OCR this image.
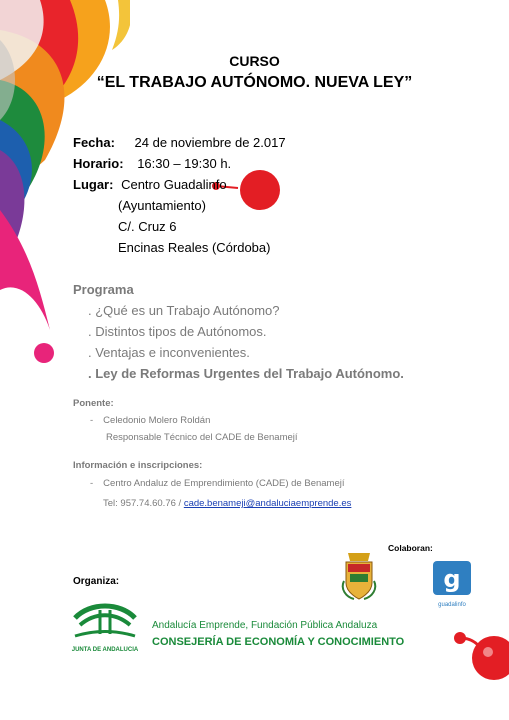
CURSO
“EL TRABAJO AUTÓNOMO. NUEVA LEY”
Fecha: 24 de noviembre de 2.017
Horario: 16:30 – 19:30 h.
Lugar: Centro Guadalinfo
(Ayuntamiento)
C/. Cruz 6
Encinas Reales (Córdoba)
Programa
. ¿Qué es un Trabajo Autónomo?
. Distintos tipos de Autónomos.
. Ventajas e inconvenientes.
. Ley de Reformas Urgentes del Trabajo Autónomo.
Ponente:
- Celedonio Molero Roldán
Responsable Técnico del CADE de Benamejí
Información e inscripciones:
- Centro Andaluz de Emprendimiento (CADE) de Benamejí
Tel: 957.74.60.76 / cade.benameji@andaluciaemprende.es
Colaboran:
g
guadalinfo
Organiza:
JUNTA DE ANDALUCIA
Andalucía Emprende, Fundación Pública Andaluza
CONSEJERÍA DE ECONOMÍA Y CONOCIMIENTO
